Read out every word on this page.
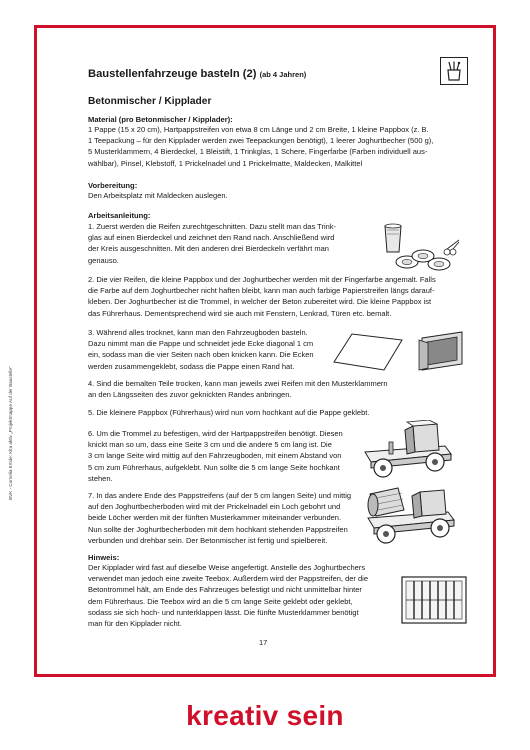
Baustellenfahrzeuge basteln (2) (ab 4 Jahren)
Betonmischer / Kipplader
Material (pro Betonmischer / Kipplader):
1 Pappe (15 x 20 cm), Hartpappstreifen von etwa 8 cm Länge und 2 cm Breite, 1 kleine Pappbox (z. B.
1 Teepackung – für den Kipplader werden zwei Teepackungen benötigt), 1 leerer Joghurtbecher (500 g),
5 Musterklammern, 4 Bierdeckel, 1 Bleistift, 1 Trinkglas, 1 Schere, Fingerfarbe (Farben individuell aus-
wählbar), Pinsel, Klebstoff, 1 Prickelnadel und 1 Prickelmatte, Maldecken, Malkittel
Vorbereitung:
Den Arbeitsplatz mit Maldecken auslegen.
Arbeitsanleitung:
1. Zuerst werden die Reifen zurechtgeschnitten. Dazu stellt man das Trink-
glas auf einen Bierdeckel und zeichnet den Rand nach. Anschließend wird
der Kreis ausgeschnitten. Mit den anderen drei Bierdeckeln verfährt man
genauso.
2. Die vier Reifen, die kleine Pappbox und der Joghurtbecher werden mit der Fingerfarbe angemalt. Falls
die Farbe auf dem Joghurtbecher nicht haften bleibt, kann man auch farbige Papierstreifen längs darauf-
kleben. Der Joghurtbecher ist die Trommel, in welcher der Beton zubereitet wird. Die kleine Pappbox ist
das Führerhaus. Dementsprechend wird sie auch mit Fenstern, Lenkrad, Türen etc. bemalt.
3. Während alles trocknet, kann man den Fahrzeugboden basteln.
Dazu nimmt man die Pappe und schneidet jede Ecke diagonal 1 cm
ein, sodass man die vier Seiten nach oben knicken kann. Die Ecken
werden zusammengeklebt, sodass die Pappe einen Rand hat.
4. Sind die bemalten Teile trocken, kann man jeweils zwei Reifen mit den Musterklammern
an den Längsseiten des zuvor geknickten Randes anbringen.
5. Die kleinere Pappbox (Führerhaus) wird nun vorn hochkant auf die Pappe geklebt.
6. Um die Trommel zu befestigen, wird der Hartpappstreifen benötigt. Diesen
knickt man so um, dass eine Seite 3 cm und die andere 5 cm lang ist. Die
3 cm lange Seite wird mittig auf den Fahrzeugboden, mit einem Abstand von
5 cm zum Führerhaus, aufgeklebt. Nun sollte die 5 cm lange Seite hochkant
stehen.
7. In das andere Ende des Pappstreifens (auf der 5 cm langen Seite) und mittig
auf den Joghurtbecherboden wird mit der Prickelnadel ein Loch gebohrt und
beide Löcher werden mit der fünften Musterkammer miteinander verbunden.
Nun sollte der Joghurtbecherboden mit dem hochkant stehenden Pappstreifen
verbunden und drehbar sein. Der Betonmischer ist fertig und spielbereit.
Hinweis:
Der Kipplader wird fast auf dieselbe Weise angefertigt. Anstelle des Joghurtbechers
verwendet man jedoch eine zweite Teebox. Außerdem wird der Pappstreifen, der die
Betontrommel hält, am Ende des Fahrzeuges befestigt und nicht unmittelbar hinter
dem Führerhaus. Die Teebox wird an die 5 cm lange Seite geklebt oder geklebt,
sodass sie sich hoch- und runterklappen lässt. Die fünfte Musterklammer benötigt
man für den Kipplader nicht.
BVK - Cornelia Emde: Kita aktiv „Projektmappe Auf der Baustelle“
17
kreativ sein
